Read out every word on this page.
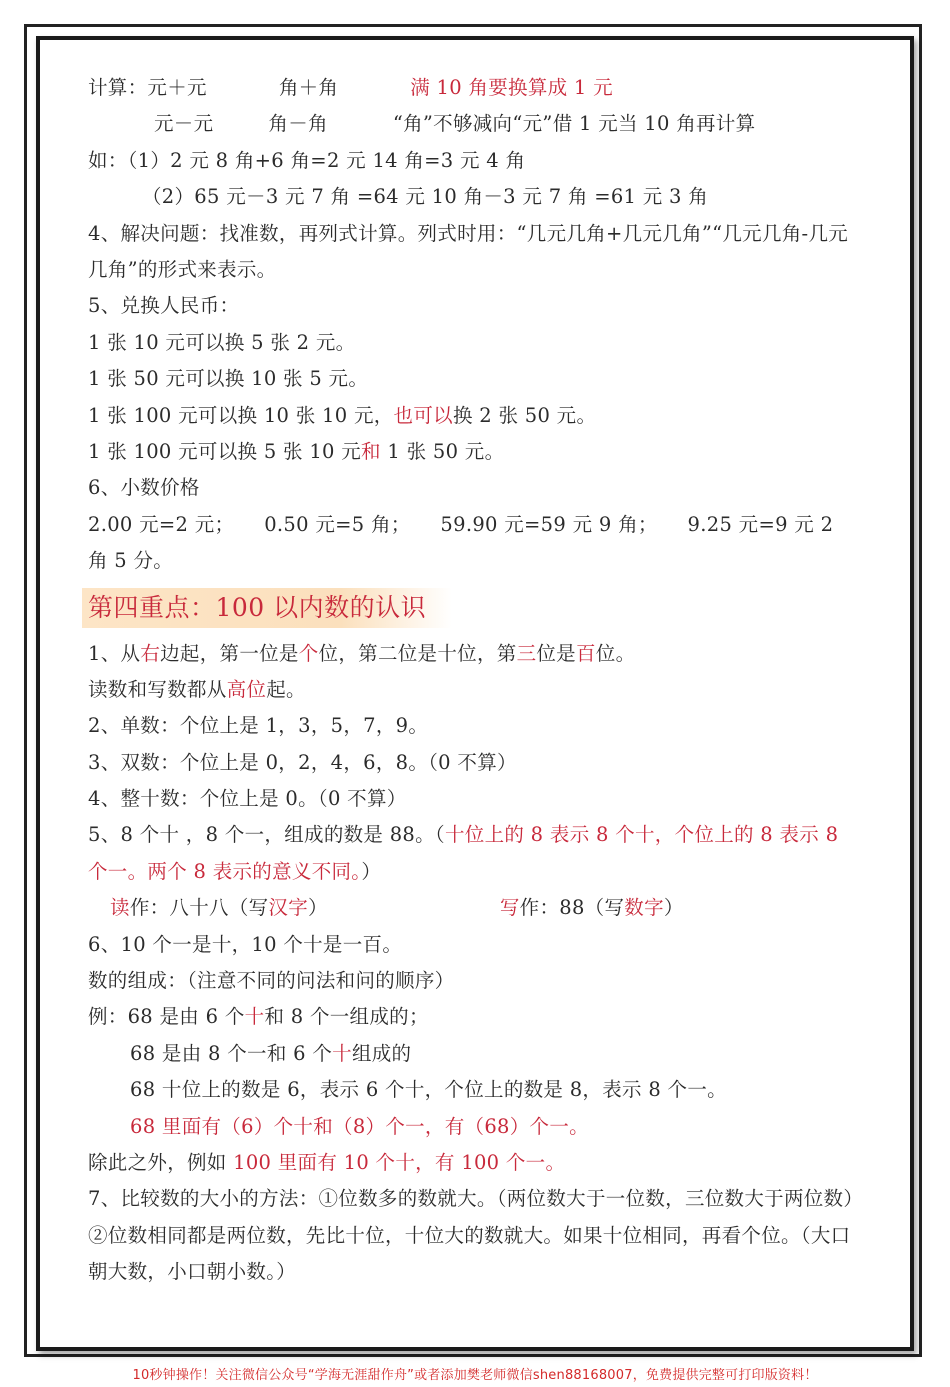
计算：元＋元	角＋角	满 10 角要换算成 1 元
元－元	角－角	“角”不够减向“元”借 1 元当 10 角再计算
如：（1）2 元 8 角+6 角=2 元 14 角=3 元 4 角
（2）65 元－3 元 7 角 =64 元 10 角－3 元 7 角 =61 元 3 角
4、解决问题：找准数，再列式计算。列式时用：“几元几角+几元几角”“几元几角-几元几角”的形式来表示。
5、兑换人民币：
1 张 10 元可以换 5 张 2 元。
1 张 50 元可以换 10 张 5 元。
1 张 100 元可以换 10 张 10 元，也可以换 2 张 50 元。
1 张 100 元可以换 5 张 10 元和 1 张 50 元。
6、小数价格
2.00 元=2 元；　　0.50 元=5 角；　　59.90 元=59 元 9 角；　　9.25 元=9 元 2 角 5 分。
第四重点：100 以内数的认识
1、从右边起，第一位是个位，第二位是十位，第三位是百位。
读数和写数都从高位起。
2、单数：个位上是 1，3，5，7，9。
3、双数：个位上是 0，2，4，6，8。（0 不算）
4、整十数：个位上是 0。（0 不算）
5、8 个十 ，8 个一，组成的数是 88。（十位上的 8 表示 8 个十，个位上的 8 表示 8 个一。两个 8 表示的意义不同。）
读作：八十八（写汉字）	写作：88（写数字）
6、10 个一是十，10 个十是一百。
数的组成：（注意不同的问法和问的顺序）
例：68 是由 6 个十和 8 个一组成的；
68 是由 8 个一和 6 个十组成的
68 十位上的数是 6，表示 6 个十，个位上的数是 8，表示 8 个一。
68 里面有（6）个十和（8）个一，有（68）个一。
除此之外，例如 100 里面有 10 个十，有 100 个一。
7、比较数的大小的方法：①位数多的数就大。（两位数大于一位数，三位数大于两位数）②位数相同都是两位数，先比十位，十位大的数就大。如果十位相同，再看个位。（大口朝大数，小口朝小数。）
10秒钟操作！关注微信公众号“学海无涯甜作舟”或者添加樊老师微信shen88168007，免费提供完整可打印版资料！
